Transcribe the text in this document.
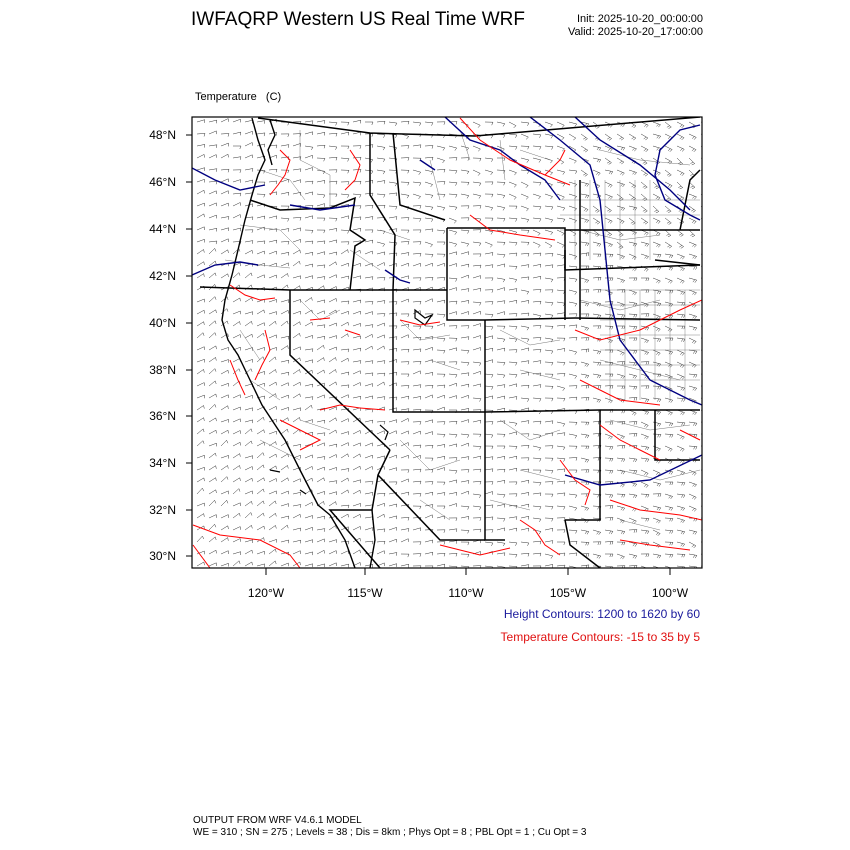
IWFAQRP Western US Real Time WRF	Init: 2025-10-20_00:00:00
Valid: 2025-10-20_17:00:00

Temperature   (C)

48°N
46°N
44°N
42°N
40°N
38°N
36°N
34°N
32°N
30°N
120°W	115°W	110°W	105°W	100°W
Height Contours: 1200 to 1620 by 60
Temperature Contours: -15 to 35 by 5
OUTPUT FROM WRF V4.6.1 MODEL
WE = 310 ; SN = 275 ; Levels = 38 ; Dis = 8km ; Phys Opt = 8 ; PBL Opt = 1 ; Cu Opt = 3
